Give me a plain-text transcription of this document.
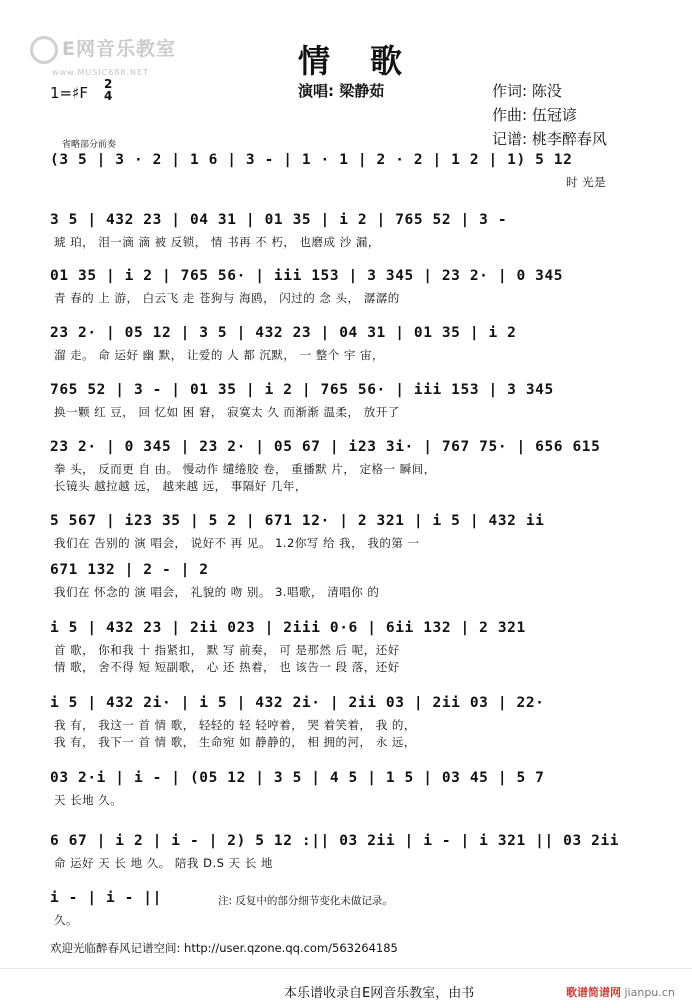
E网音乐教室
www.MUSIC688.NET	情歌
演唱: 梁静茹
1=♯F 2
4	作词: 陈没
作曲: 伍冠谚
记谱: 桃李醉春风
省略部分前奏
(3 5 | 3 · 2 | 1 6 | 3 - | 1 · 1 | 2 · 2 | 1 2 | 1) 5 12
时 光是
3 5 | 432 23 | 04 31 | 01 35 | i 2 | 765 52 | 3 -
琥 珀， 泪一滴 滴 被 反锁， 情 书再 不 朽， 也磨成 沙 漏，
01 35 | i 2 | 765 56· | iii 153 | 3 345 | 23 2· | 0 345
青 春的 上 游， 白云飞 走 苍狗与 海鸥， 闪过的 念 头， 潺潺的
23 2· | 05 12 | 3 5 | 432 23 | 04 31 | 01 35 | i 2
溜 走。 命 运好 幽 默， 让爱的 人 都 沉默， 一 整个 宇 宙，
765 52 | 3 - | 01 35 | i 2 | 765 56· | iii 153 | 3 345
换一颗 红 豆， 回 忆如 困 窘， 寂寞太 久 而渐渐 温柔， 放开了
23 2· | 0 345 | 23 2· | 05 67 | i23 3i· | 767 75· | 656 615
拳 头， 反而更 自 由。 慢动作 缱绻胶 卷， 重播默 片， 定格一 瞬间，
长镜头 越拉越 远， 越来越 远， 事隔好 几年，
5 567 | i23 35 | 5 2 | 671 12· | 2 321 | i 5 | 432 ii
我们在 告别的 演 唱会， 说好不 再 见。 1.2你写 给 我， 我的第 一
671 132 | 2 - | 2
我们在 怀念的 演 唱会， 礼貌的 吻 别。 3.唱歌， 清唱你 的
i 5 | 432 23 | 2ii 023 | 2iii 0·6 | 6ii 132 | 2 321
首 歌， 你和我 十 指紧扣， 默 写 前奏， 可 是那然 后 呢，还好
情 歌， 舍不得 短 短副歌， 心 还 热着， 也 该告一 段 落，还好
i 5 | 432 2i· | i 5 | 432 2i· | 2ii 03 | 2ii 03 | 22·
我 有， 我这一 首 情 歌， 轻轻的 轻 轻哼着， 哭 着笑着， 我 的，
我 有， 我下一 首 情 歌， 生命宛 如 静静的， 相 拥的河， 永 远，
03 2·i | i - | (05 12 | 3 5 | 4 5 | 1 5 | 03 45 | 5 7
天 长地 久。
6 67 | i 2 | i - | 2) 5 12 :|| 03 2ii | i - | i 321 || 03 2ii
命 运好 天 长 地 久。 陪我 D.S 天 长 地
i - | i - ||
久。
注: 反复中的部分细节变化未做记录。
欢迎光临醉春风记谱空间: http://user.qzone.qq.com/563264185
本乐谱收录自E网音乐教室，由书	歌谱简谱网 jianpu.cn
